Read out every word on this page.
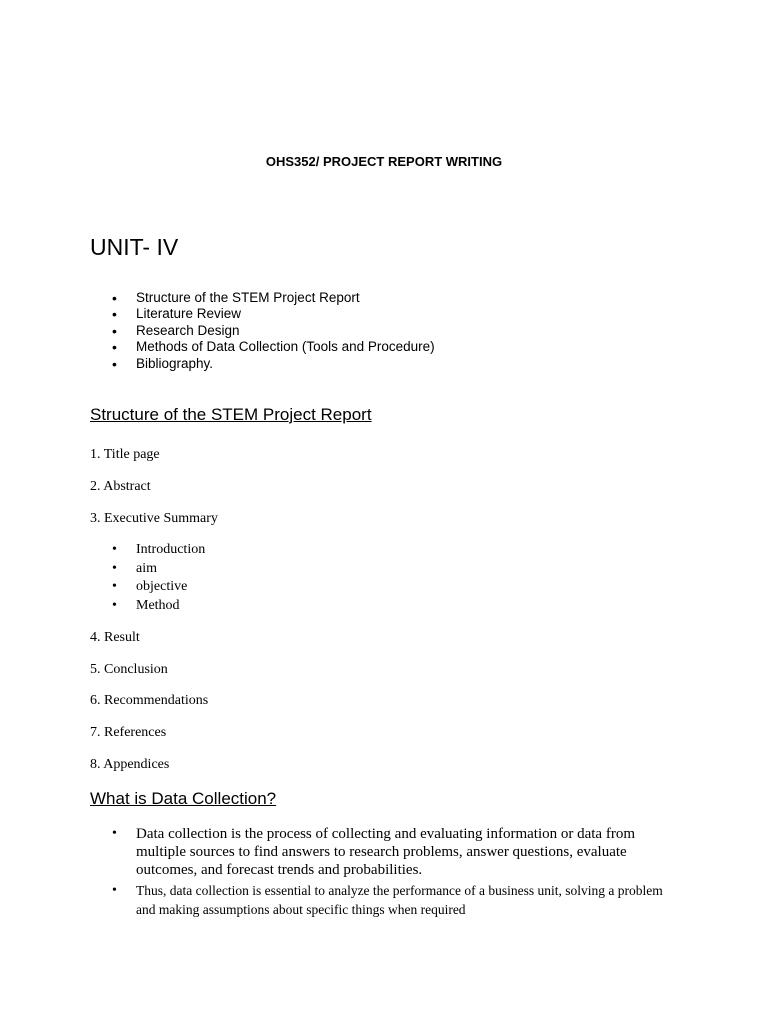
OHS352/ PROJECT REPORT WRITING

UNIT- IV
• Structure of the STEM Project Report
• Literature Review
• Research Design
• Methods of Data Collection (Tools and Procedure)
• Bibliography.
Structure of the STEM Project Report

1. Title page

2. Abstract

3. Executive Summary

• Introduction
• aim
• objective
• Method

4. Result

5. Conclusion

6. Recommendations

7. References

8. Appendices

What is Data Collection?
• Data collection is the process of collecting and evaluating information or data from multiple sources to find answers to research problems, answer questions, evaluate outcomes, and forecast trends and probabilities.
• Thus, data collection is essential to analyze the performance of a business unit, solving a problem and making assumptions about specific things when required
